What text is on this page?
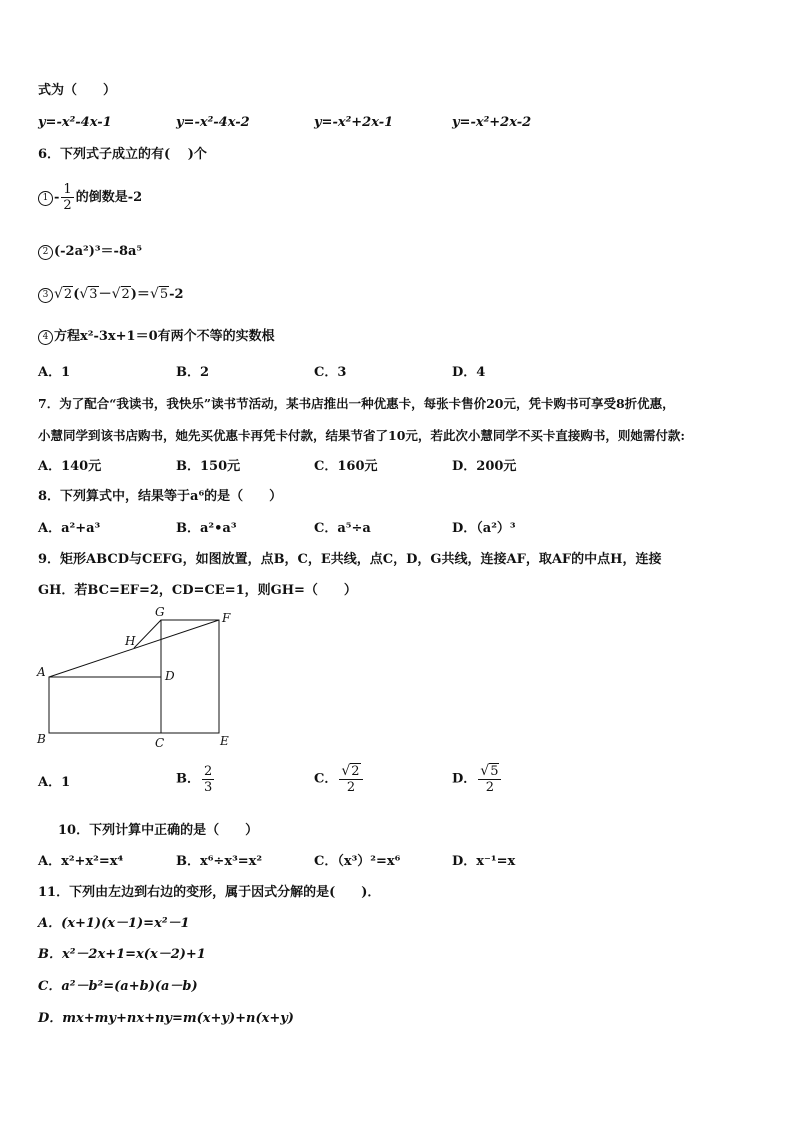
式为（　　）
y=-x²-4x-1	y=-x²-4x-2	y=-x²+2x-1	y=-x²+2x-2
6．下列式子成立的有(　 )个
$1 - \frac{1}{2}$ 的倒数是-2
2 (-2a²)³＝-8a⁵
3 √2(√3－√2)＝√5-2
4 方程x²-3x+1＝0有两个不等的实数根
A．1	B．2	C．3	D．4
7．为了配合“我读书，我快乐”读书节活动，某书店推出一种优惠卡，每张卡售价20元，凭卡购书可享受8折优惠，
小慧同学到该书店购书，她先买优惠卡再凭卡付款，结果节省了10元，若此次小慧同学不买卡直接购书，则她需付款:
A．140元	B．150元	C．160元	D．200元
8．下列算式中，结果等于a⁶的是（　　）
A．a²+a³	B．a²•a³	C．a⁵÷a	D．（a²）³
9．矩形ABCD与CEFG，如图放置，点B，C，E共线，点C，D，G共线，连接AF，取AF的中点H，连接
GH．若BC=EF=2，CD=CE=1，则GH=（　　）
G	F
H
A	D
B	C	E
A．1	B． $\frac{2}{3}$	C． $\frac{√2}{2}$	D． $\frac{√5}{2}$
10．下列计算中正确的是（　　）
A．x²+x²=x⁴	B．x⁶÷x³=x²	C．（x³）²=x⁶	D．x⁻¹=x
11．下列由左边到右边的变形，属于因式分解的是(　　)．
A．(x+1)(x－1)=x²－1
B．x²－2x+1=x(x－2)+1
C．a²－b²=(a+b)(a－b)
D．mx+my+nx+ny=m(x+y)+n(x+y)
